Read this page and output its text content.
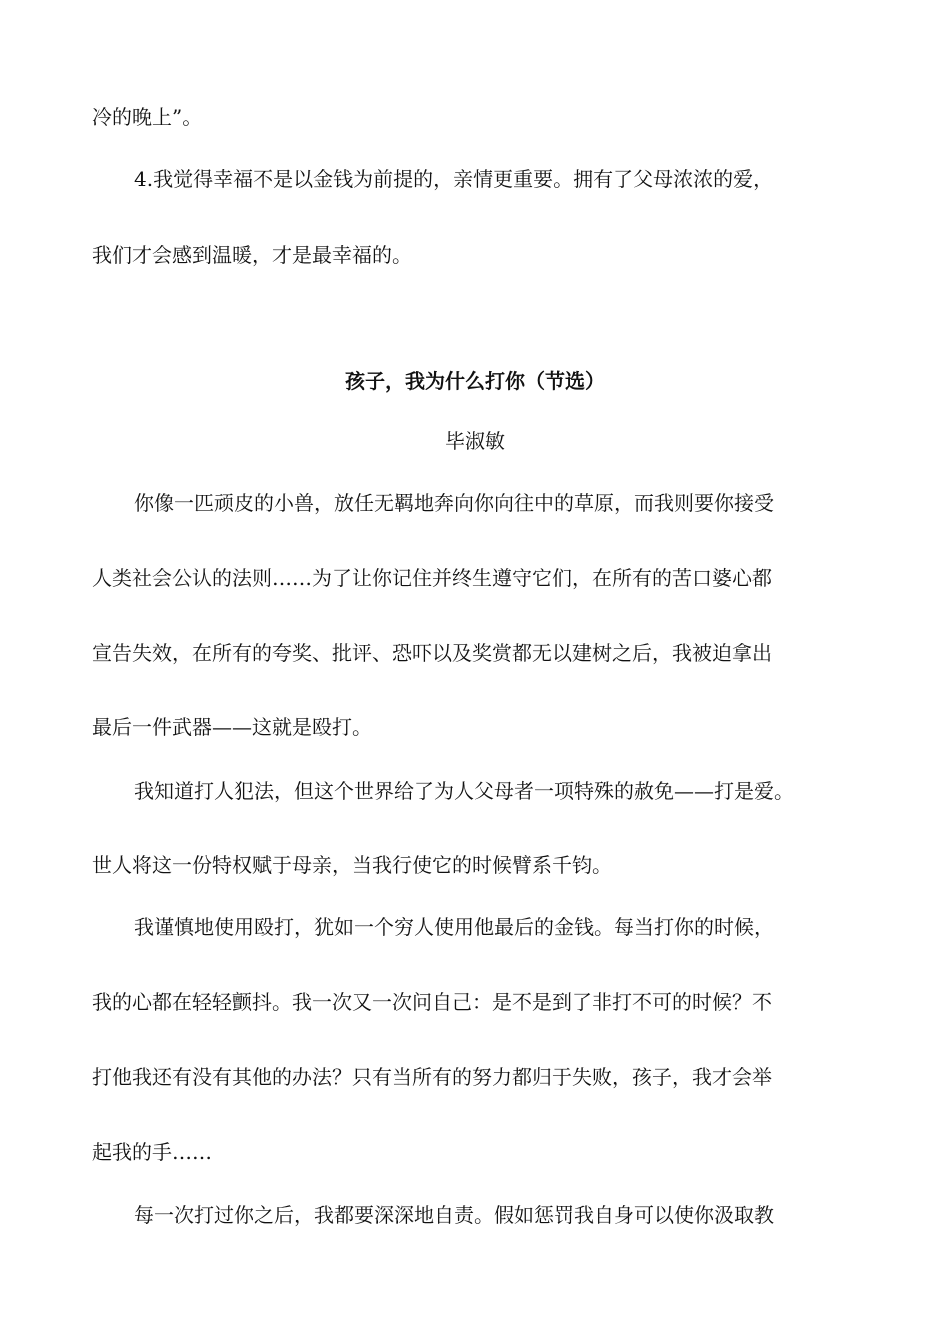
冷的晚上”。
4.我觉得幸福不是以金钱为前提的，亲情更重要。拥有了父母浓浓的爱，
我们才会感到温暖，才是最幸福的。
孩子，我为什么打你（节选）
毕淑敏
你像一匹顽皮的小兽，放任无羁地奔向你向往中的草原，而我则要你接受
人类社会公认的法则……为了让你记住并终生遵守它们，在所有的苦口婆心都
宣告失效，在所有的夸奖、批评、恐吓以及奖赏都无以建树之后，我被迫拿出
最后一件武器——这就是殴打。
我知道打人犯法，但这个世界给了为人父母者一项特殊的赦免——打是爱。
世人将这一份特权赋于母亲，当我行使它的时候臂系千钧。
我谨慎地使用殴打，犹如一个穷人使用他最后的金钱。每当打你的时候，
我的心都在轻轻颤抖。我一次又一次问自己：是不是到了非打不可的时候？不
打他我还有没有其他的办法？只有当所有的努力都归于失败，孩子，我才会举
起我的手……
每一次打过你之后，我都要深深地自责。假如惩罚我自身可以使你汲取教
